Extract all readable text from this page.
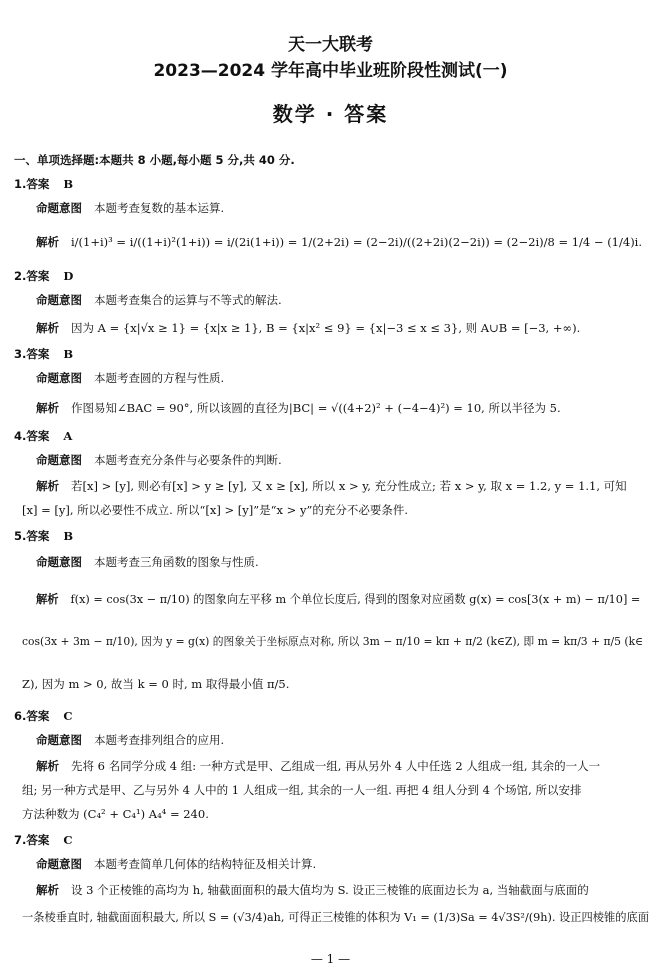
天一大联考
2023—2024 学年高中毕业班阶段性测试(一)
数学 · 答案
一、单项选择题:本题共 8 小题,每小题 5 分,共 40 分.
1.答案 B
命题意图 本题考查复数的基本运算.
解析 i/(1+i)³ = i/((1+i)²(1+i)) = i/(2i(1+i)) = 1/(2+2i) = (2−2i)/((2+2i)(2−2i)) = (2−2i)/8 = 1/4 − (1/4)i.
2.答案 D
命题意图 本题考查集合的运算与不等式的解法.
解析 因为 A = {x|√x ≥ 1} = {x|x ≥ 1}, B = {x|x² ≤ 9} = {x|−3 ≤ x ≤ 3}, 则 A∪B = [−3, +∞).
3.答案 B
命题意图 本题考查圆的方程与性质.
解析 作图易知∠BAC = 90°, 所以该圆的直径为|BC| = √((4+2)² + (−4−4)²) = 10, 所以半径为 5.
4.答案 A
命题意图 本题考查充分条件与必要条件的判断.
解析 若[x] > [y], 则必有[x] > y ≥ [y], 又 x ≥ [x], 所以 x > y, 充分性成立; 若 x > y, 取 x = 1.2, y = 1.1, 可知
[x] = [y], 所以必要性不成立. 所以“[x] > [y]”是“x > y”的充分不必要条件.
5.答案 B
命题意图 本题考查三角函数的图象与性质.
解析 f(x) = cos(3x − π/10) 的图象向左平移 m 个单位长度后, 得到的图象对应函数 g(x) = cos[3(x + m) − π/10] =
cos(3x + 3m − π/10), 因为 y = g(x) 的图象关于坐标原点对称, 所以 3m − π/10 = kπ + π/2 (k∈Z), 即 m = kπ/3 + π/5 (k∈
Z), 因为 m > 0, 故当 k = 0 时, m 取得最小值 π/5.
6.答案 C
命题意图 本题考查排列组合的应用.
解析 先将 6 名同学分成 4 组: 一种方式是甲、乙组成一组, 再从另外 4 人中任选 2 人组成一组, 其余的一人一
组; 另一种方式是甲、乙与另外 4 人中的 1 人组成一组, 其余的一人一组. 再把 4 组人分到 4 个场馆, 所以安排
方法种数为 (C₄² + C₄¹) A₄⁴ = 240.
7.答案 C
命题意图 本题考查简单几何体的结构特征及相关计算.
解析 设 3 个正棱锥的高均为 h, 轴截面面积的最大值均为 S. 设正三棱锥的底面边长为 a, 当轴截面与底面的
一条棱垂直时, 轴截面面积最大, 所以 S = (√3/4)ah, 可得正三棱锥的体积为 V₁ = (1/3)Sa = 4√3S²/(9h). 设正四棱锥的底面
— 1 —
